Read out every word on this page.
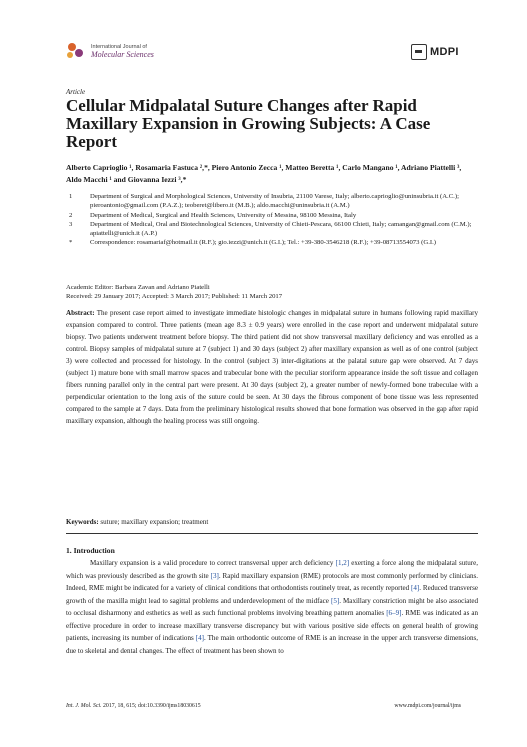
International Journal of
Molecular Sciences	MDPI
Article
Cellular Midpalatal Suture Changes after Rapid Maxillary Expansion in Growing Subjects: A Case Report
Alberto Caprioglio ¹, Rosamaria Fastuca ²,*, Piero Antonio Zecca ¹, Matteo Beretta ¹, Carlo Mangano ¹, Adriano Piattelli ³, Aldo Macchi ¹ and Giovanna Iezzi ³,*
1	Department of Surgical and Morphological Sciences, University of Insubria, 21100 Varese, Italy; alberto.caprioglio@uninsubria.it (A.C.); pieroantonio@gmail.com (P.A.Z.); teoberet@libero.it (M.B.); aldo.macchi@uninsubria.it (A.M.)
2	Department of Medical, Surgical and Health Sciences, University of Messina, 98100 Messina, Italy
3	Department of Medical, Oral and Biotechnological Sciences, University of Chieti-Pescara, 66100 Chieti, Italy; camangan@gmail.com (C.M.); apiattelli@unich.it (A.P.)
*	Correspondence: rosamariaf@hotmail.it (R.F.); gio.iezzi@unich.it (G.I.); Tel.: +39-380-3546218 (R.F.); +39-08713554073 (G.I.)
Academic Editor: Barbara Zavan and Adriano Piatelli
Received: 29 January 2017; Accepted: 3 March 2017; Published: 11 March 2017

Abstract: The present case report aimed to investigate immediate histologic changes in midpalatal suture in humans following rapid maxillary expansion compared to control. Three patients (mean age 8.3 ± 0.9 years) were enrolled in the case report and underwent midpalatal suture biopsy. Two patients underwent treatment before biopsy. The third patient did not show transversal maxillary deficiency and was enrolled as a control. Biopsy samples of midpalatal suture at 7 (subject 1) and 30 days (subject 2) after maxillary expansion as well as of one control (subject 3) were collected and processed for histology. In the control (subject 3) inter-digitations at the palatal suture gap were observed. At 7 days (subject 1) mature bone with small marrow spaces and trabecular bone with the peculiar storiform appearance inside the soft tissue and collagen fibers running parallel only in the central part were present. At 30 days (subject 2), a greater number of newly-formed bone trabeculae with a perpendicular orientation to the long axis of the suture could be seen. At 30 days the fibrous component of bone tissue was less represented compared to the sample at 7 days. Data from the preliminary histological results showed that bone formation was observed in the gap after rapid maxillary expansion, although the healing process was still ongoing.

Keywords: suture; maxillary expansion; treatment
1. Introduction

Maxillary expansion is a valid procedure to correct transversal upper arch deficiency [1,2] exerting a force along the midpalatal suture, which was previously described as the growth site [3]. Rapid maxillary expansion (RME) protocols are most commonly performed by clinicians. Indeed, RME might be indicated for a variety of clinical conditions that orthodontists routinely treat, as recently reported [4]. Reduced transverse growth of the maxilla might lead to sagittal problems and underdevelopment of the midface [5]. Maxillary constriction might be also associated to occlusal disharmony and esthetics as well as such functional problems involving breathing pattern anomalies [6–9]. RME was indicated as an effective procedure in order to increase maxillary transverse discrepancy but with various positive side effects on general health of growing patients, increasing its number of indications [4]. The main orthodontic outcome of RME is an increase in the upper arch transverse dimensions, due to skeletal and dental changes. The effect of treatment has been shown to

Int. J. Mol. Sci. 2017, 18, 615; doi:10.3390/ijms18030615	www.mdpi.com/journal/ijms
